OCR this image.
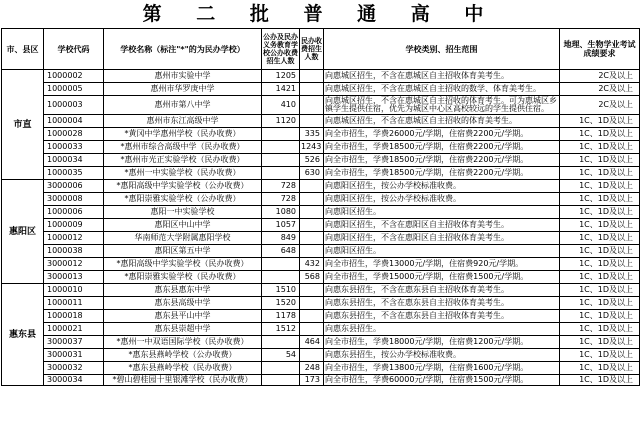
第 二 批 普 通 高 中
市、县区	学校代码	学校名称（标注"*"的为民办学校）	公办及民办义务教育学校公办收费招生人数	民办收费招生人数	学校类别、招生范围	地理、生物学业考试成绩要求
市直	1000002	惠州市实验中学	1205		向惠城区招生，不含在惠城区自主招收体育美考生。	2C及以上
	1000005	惠州市华罗庚中学	1421		向惠城区招生，不含在惠城区自主招收的数学、体育美考生。	2C及以上
	1000003	惠州市第八中学	410		向惠城区招生，不含在惠城区自主招收的体育考生。可为惠城区乡镇学生提供住宿，优先为城区中心区高校较远的学生提供住宿。	2C及以上
	1000004	惠州市东江高级中学	1120		向惠城区招生，不含在惠城区自主招收的体育美考生。	1C、1D及以上
	1000028	*黄冈中学惠州学校（民办收费）		335	向全市招生，学费26000元/学期，住宿费2200元/学期。	1C、1D及以上
	1000033	*惠州市综合高级中学（民办收费）		1243	向全市招生，学费18500元/学期，住宿费2200元/学期。	1C、1D及以上
	1000034	*惠州市光正实验学校（民办收费）		526	向全市招生，学费18500元/学期，住宿费2200元/学期。	1C、1D及以上
	1000035	*惠州一中实验学校（民办收费）		630	向全市招生，学费18500元/学期，住宿费2200元/学期。	1C、1D及以上
惠阳区	3000006	*惠阳高级中学实验学校（公办收费）	728		向惠阳区招生，按公办学校标准收费。	1C、1D及以上
	3000008	*惠阳崇雅实验学校（公办收费）	728		向惠阳区招生，按公办学校标准收费。	1C、1D及以上
	1000006	惠阳一中实验学校	1080		向惠阳区招生。	1C、1D及以上
	1000009	惠阳区中山中学	1057		向惠阳区招生，不含在惠阳区自主招收体育美考生。	1C、1D及以上
	1000012	华南师范大学附属惠阳学校	849		向惠阳区招生，不含在惠阳区自主招收体育美考生。	1C、1D及以上
	1000038	惠阳区第五中学	648		向惠阳区招生。	1C、1D及以上
	3000012	*惠阳高级中学实验学校（民办收费）		432	向全市招生，学费13000元/学期，住宿费920元/学期。	1C、1D及以上
	3000013	*惠阳崇雅实验学校（民办收费）		568	向全市招生，学费15000元/学期，住宿费1500元/学期。	1C、1D及以上
惠东县	1000010	惠东县惠东中学	1510		向惠东县招生，不含在惠东县自主招收体育美考生。	1C、1D及以上
	1000011	惠东县高级中学	1520		向惠东县招生，不含在惠东县自主招收体育美考生。	1C、1D及以上
	1000018	惠东县平山中学	1178		向惠东县招生，不含在惠东县自主招收体育美考生。	1C、1D及以上
	1000021	惠东县崇超中学	1512		向惠东县招生。	1C、1D及以上
	3000037	*惠州一中双语国际学校（民办收费）		464	向全市招生，学费18000元/学期，住宿费1200元/学期。	1C、1D及以上
	3000031	*惠东县燕岭学校（公办收费）	54		向惠东县招生，按公办学校标准收费。	1C、1D及以上
	3000032	*惠东县燕岭学校（民办收费）		248	向全市招生，学费13800元/学期，住宿费1600元/学期。	1C、1D及以上
	3000034	*碧山碧桂园十里银滩学校（民办收费）		173	向全市招生，学费60000元/学期，住宿费1500元/学期。	1C、1D及以上
